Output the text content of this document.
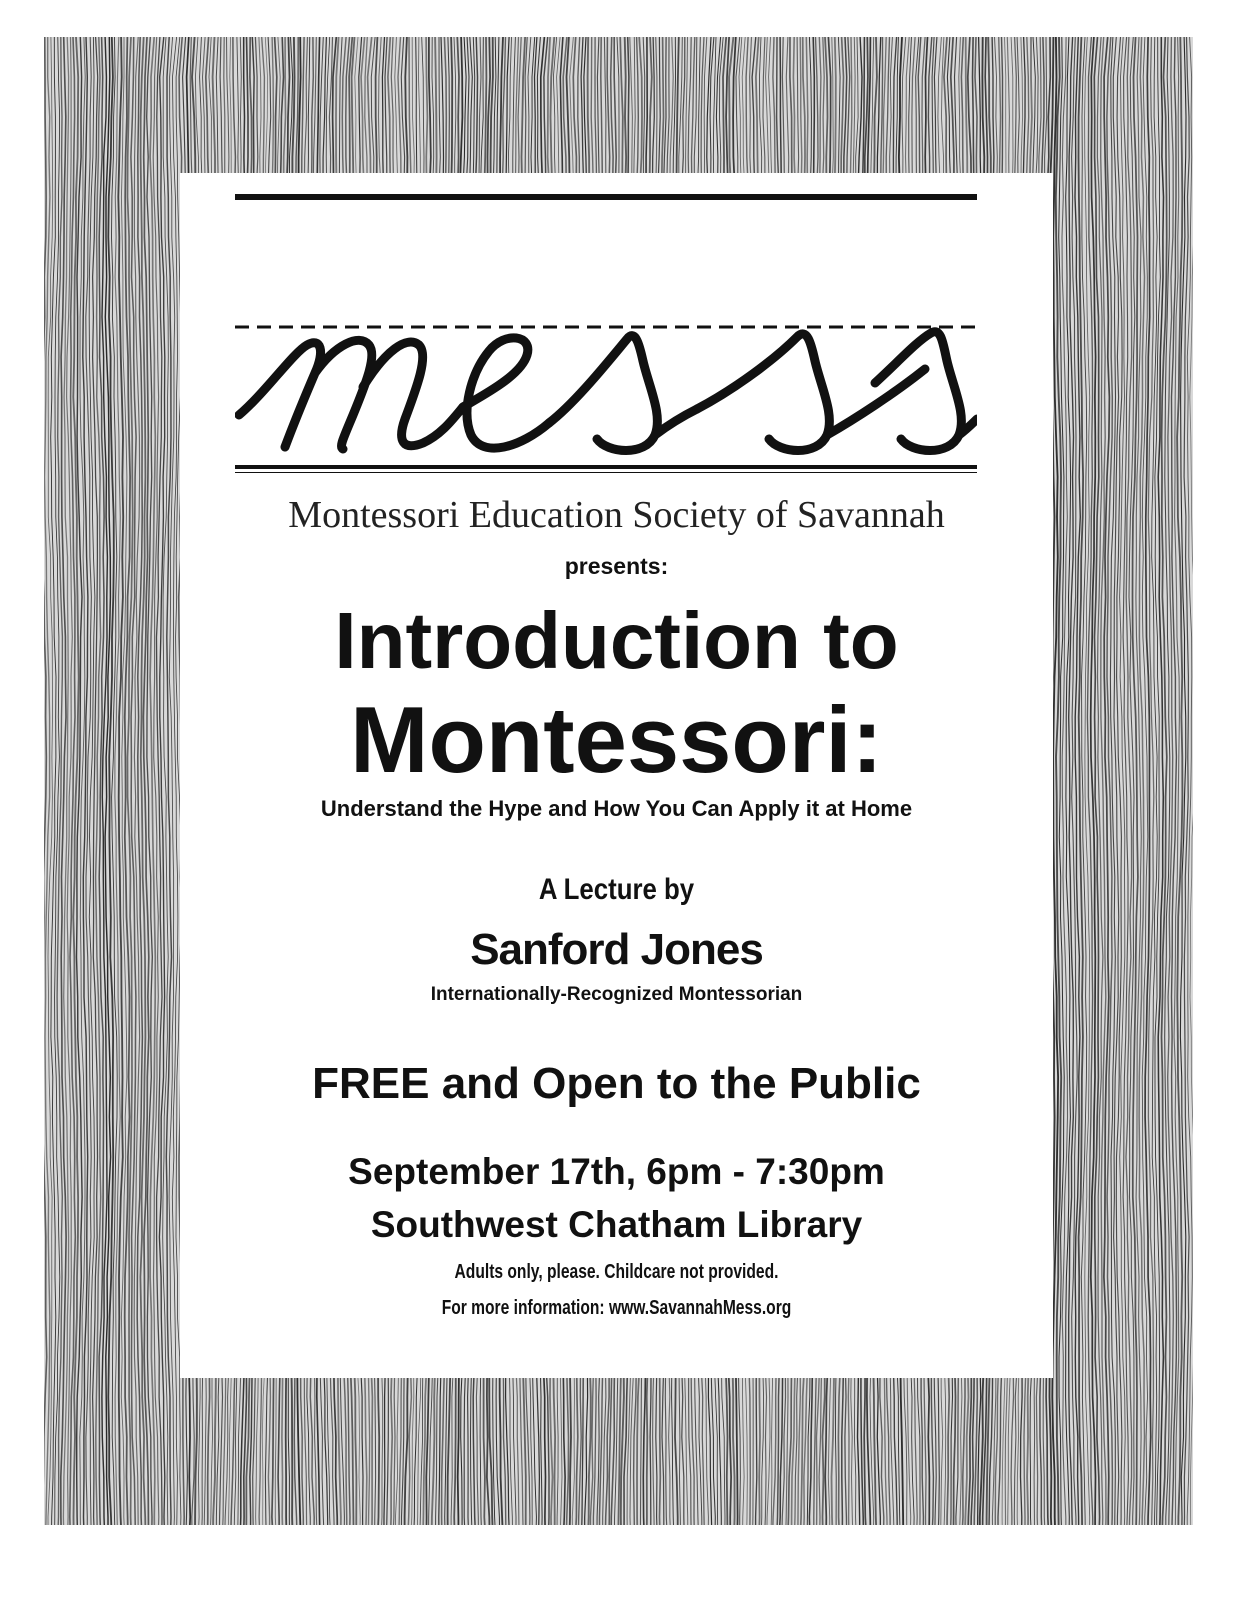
Montessori Education Society of Savannah
presents:
Introduction to
Montessori:
Understand the Hype and How You Can Apply it at Home
A Lecture by
Sanford Jones
Internationally-Recognized Montessorian
FREE and Open to the Public
September 17th, 6pm - 7:30pm
Southwest Chatham Library
Adults only, please. Childcare not provided.
For more information: www.SavannahMess.org
